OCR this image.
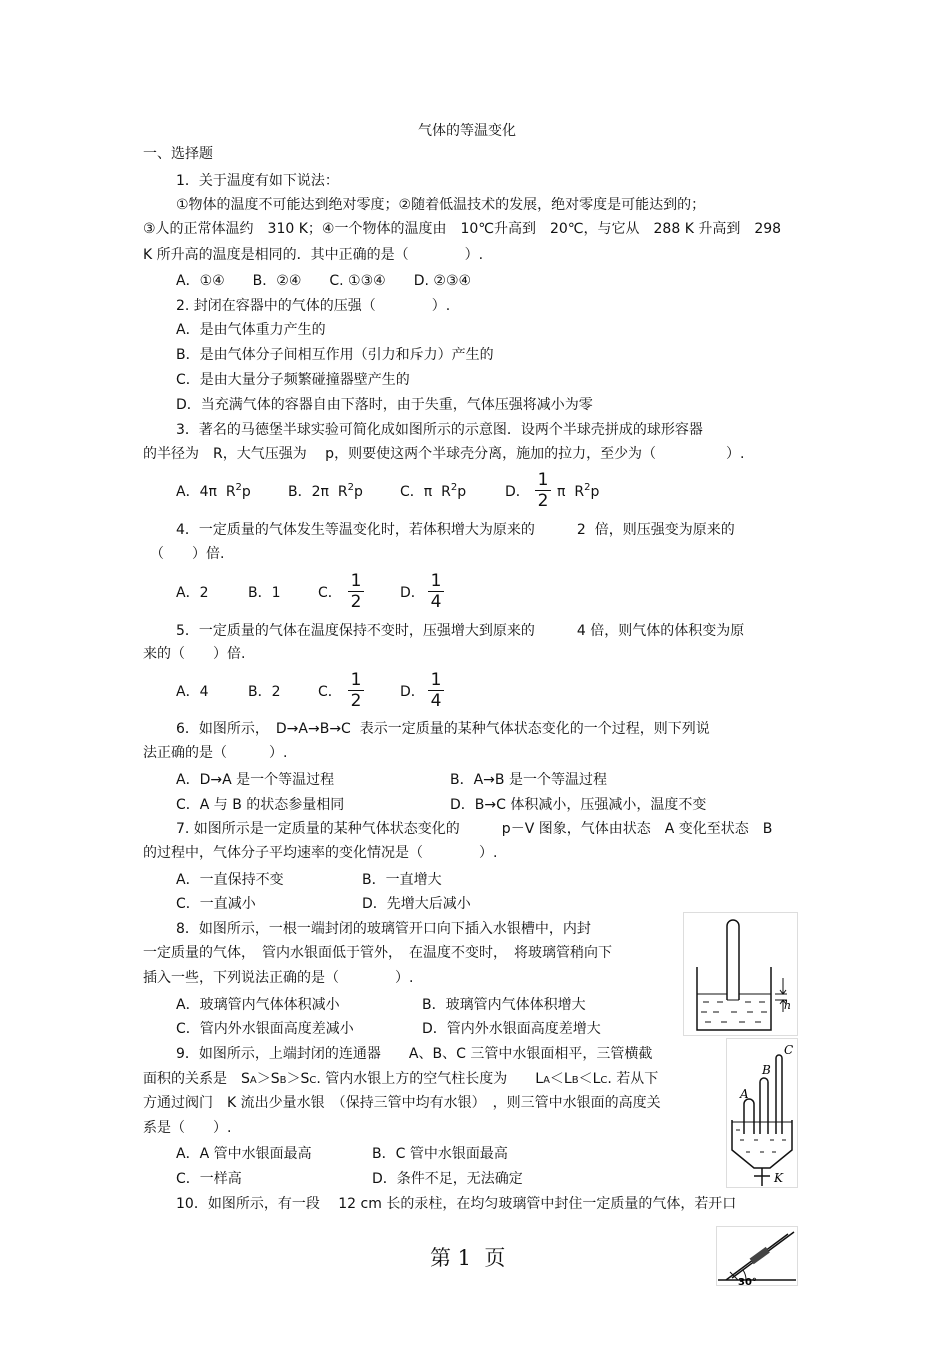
气体的等温变化
一、选择题
1．关于温度有如下说法：
①物体的温度不可能达到绝对零度；②随着低温技术的发展，绝对零度是可能达到的；
③人的正常体温约　310 K；④一个物体的温度由　10℃升高到　20℃，与它从　288 K 升高到　298
K 所升高的温度是相同的．其中正确的是（　　　　）.
A．①④　　B．②④　　C. ①③④　　D. ②③④
2. 封闭在容器中的气体的压强（　　　　）.
A．是由气体重力产生的
B．是由气体分子间相互作用（引力和斥力）产生的
C．是由大量分子频繁碰撞器壁产生的
D．当充满气体的容器自由下落时，由于失重，气体压强将减小为零
3．著名的马德堡半球实验可简化成如图所示的示意图．设两个半球壳拼成的球形容器
的半径为　R，大气压强为　 p，则要使这两个半球壳分离，施加的拉力，至少为（　　　　　）.
A．4π  $R^2p$	B．2π  $R^2p$	C．π  $R^2p$	D． $\frac{1}{2}$ π  $R^2p$
4．一定质量的气体发生等温变化时，若体积增大为原来的　　　2  倍，则压强变为原来的
（　　）倍.
A．2	B．1	C． $\frac{1}{2}$	D． $\frac{1}{4}$
5．一定质量的气体在温度保持不变时，压强增大到原来的　　　4 倍，则气体的体积变为原
来的（　　）倍.
A．4	B．2	C． $\frac{1}{2}$	D． $\frac{1}{4}$
6．如图所示，　D→A→B→C  表示一定质量的某种气体状态变化的一个过程，则下列说
法正确的是（　　　）.
A．D→A 是一个等温过程	B．A→B 是一个等温过程
C．A 与 B 的状态参量相同	D．B→C 体积减小，压强减小，温度不变
7. 如图所示是一定质量的某种气体状态变化的　　　p－V 图象，气体由状态　A 变化至状态　B
的过程中，气体分子平均速率的变化情况是（　　　　）.
A．一直保持不变	B．一直增大
C．一直减小	D．先增大后减小
8．如图所示，一根一端封闭的玻璃管开口向下插入水银槽中，内封
一定质量的气体，　管内水银面低于管外，　在温度不变时，　将玻璃管稍向下
插入一些，下列说法正确的是（　　　　）.
A．玻璃管内气体体积减小	B．玻璃管内气体体积增大
C．管内外水银面高度差减小	D．管内外水银面高度差增大
h
9．如图所示，上端封闭的连通器　　A、B、C 三管中水银面相平，三管横截
面积的关系是　SA＞SB＞SC. 管内水银上方的空气柱长度为　　LA＜LB＜LC. 若从下
方通过阀门　K 流出少量水银　（保持三管中均有水银）　，则三管中水银面的高度关
系是（　　）.
A．A 管中水银面最高	B．C 管中水银面最高
C．一样高	D．条件不足，无法确定
A
B
C
K
10．如图所示，有一段　 12 cm 长的汞柱，在均匀玻璃管中封住一定质量的气体，若开口
第 1  页
30°
